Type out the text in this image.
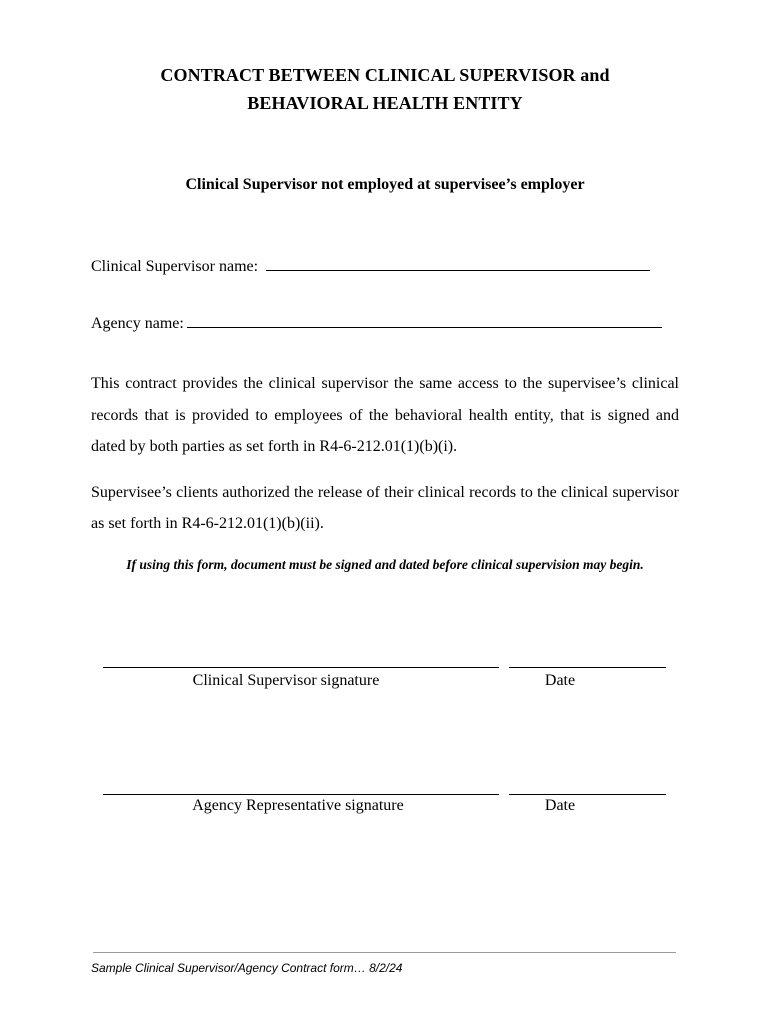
CONTRACT BETWEEN CLINICAL SUPERVISOR and
BEHAVIORAL HEALTH ENTITY
Clinical Supervisor not employed at supervisee’s employer
Clinical Supervisor name:
Agency name:
This contract provides the clinical supervisor the same access to the supervisee’s clinical records that is provided to employees of the behavioral health entity, that is signed and dated by both parties as set forth in R4-6-212.01(1)(b)(i).
Supervisee’s clients authorized the release of their clinical records to the clinical supervisor as set forth in R4-6-212.01(1)(b)(ii).
If using this form, document must be signed and dated before clinical supervision may begin.
Clinical Supervisor signature	Date
Agency Representative signature	Date
Sample Clinical Supervisor/Agency Contract form… 8/2/24
